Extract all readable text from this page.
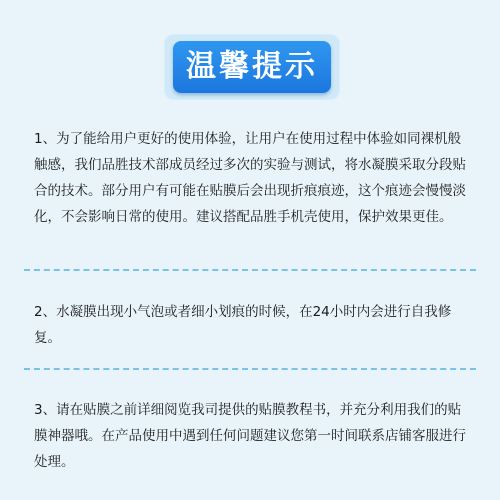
温馨提示

1、为了能给用户更好的使用体验，让用户在使用过程中体验如同裸机般触感，我们品胜技术部成员经过多次的实验与测试，将水凝膜采取分段贴合的技术。部分用户有可能在贴膜后会出现折痕痕迹，这个痕迹会慢慢淡化，不会影响日常的使用。建议搭配品胜手机壳使用，保护效果更佳。

2、水凝膜出现小气泡或者细小划痕的时候，在24小时内会进行自我修复。

3、请在贴膜之前详细阅览我司提供的贴膜教程书，并充分利用我们的贴膜神器哦。在产品使用中遇到任何问题建议您第一时间联系店铺客服进行处理。
